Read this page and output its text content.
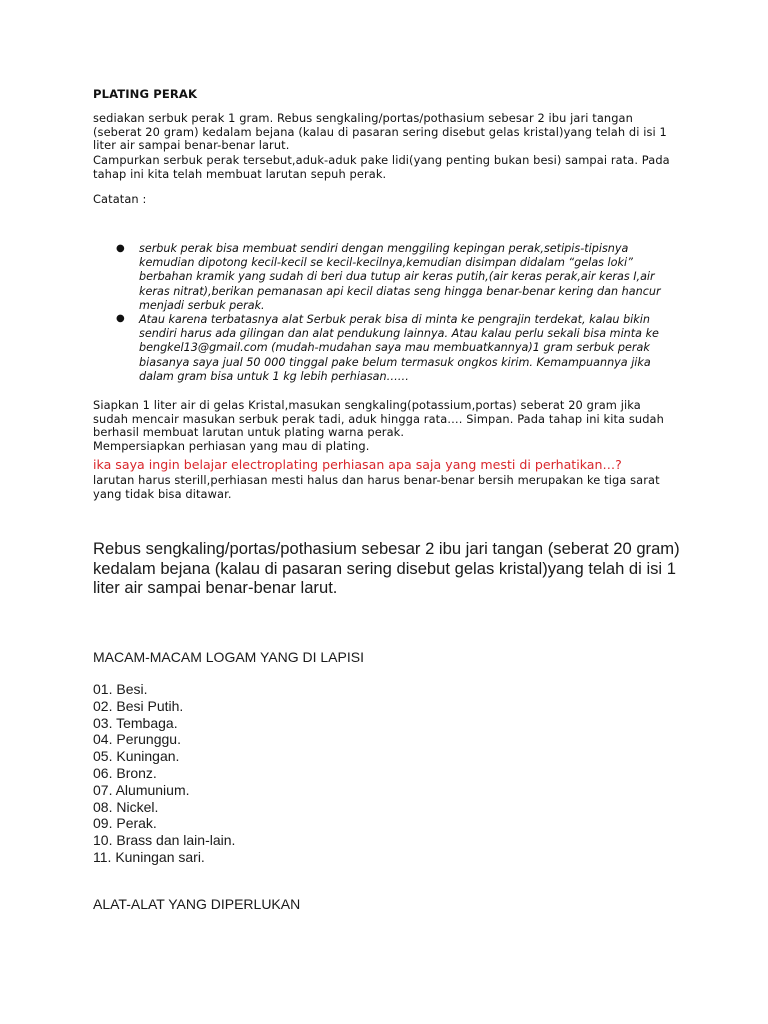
PLATING PERAK

sediakan serbuk perak 1 gram. Rebus sengkaling/portas/pothasium sebesar 2 ibu jari tangan (seberat 20 gram) kedalam bejana (kalau di pasaran sering disebut gelas kristal)yang telah di isi 1 liter air sampai benar-benar larut.

Campurkan serbuk perak tersebut,aduk-aduk pake lidi(yang penting bukan besi) sampai rata. Pada tahap ini kita telah membuat larutan sepuh perak.

Catatan :

● serbuk perak bisa membuat sendiri dengan menggiling kepingan perak,setipis-tipisnya kemudian dipotong kecil-kecil se kecil-kecilnya,kemudian disimpan didalam “gelas loki” berbahan kramik yang sudah di beri dua tutup air keras putih,(air keras perak,air keras I,air keras nitrat),berikan pemanasan api kecil diatas seng hingga benar-benar kering dan hancur menjadi serbuk perak.

● Atau karena terbatasnya alat Serbuk perak bisa di minta ke pengrajin terdekat, kalau bikin sendiri harus ada gilingan dan alat pendukung lainnya. Atau kalau perlu sekali bisa minta ke bengkel13@gmail.com (mudah-mudahan saya mau membuatkannya)1 gram serbuk perak biasanya saya jual 50 000 tinggal pake belum termasuk ongkos kirim. Kemampuannya jika dalam gram bisa untuk 1 kg lebih perhiasan……

Siapkan 1 liter air di gelas Kristal,masukan sengkaling(potassium,portas) seberat 20 gram jika sudah mencair masukan serbuk perak tadi, aduk hingga rata…. Simpan. Pada tahap ini kita sudah berhasil membuat larutan untuk plating warna perak.
Mempersiapkan perhiasan yang mau di plating.

ika saya ingin belajar electroplating perhiasan apa saja yang mesti di perhatikan…?

larutan harus sterill,perhiasan mesti halus dan harus benar-benar bersih merupakan ke tiga sarat yang tidak bisa ditawar.

Rebus sengkaling/portas/pothasium sebesar 2 ibu jari tangan (seberat 20 gram) kedalam bejana (kalau di pasaran sering disebut gelas kristal)yang telah di isi 1 liter air sampai benar-benar larut.

MACAM-MACAM LOGAM YANG DI LAPISI

01. Besi.
02. Besi Putih.
03. Tembaga.
04. Perunggu.
05. Kuningan.
06. Bronz.
07. Alumunium.
08. Nickel.
09. Perak.
10. Brass dan lain-lain.
11. Kuningan sari.

ALAT-ALAT YANG DIPERLUKAN
